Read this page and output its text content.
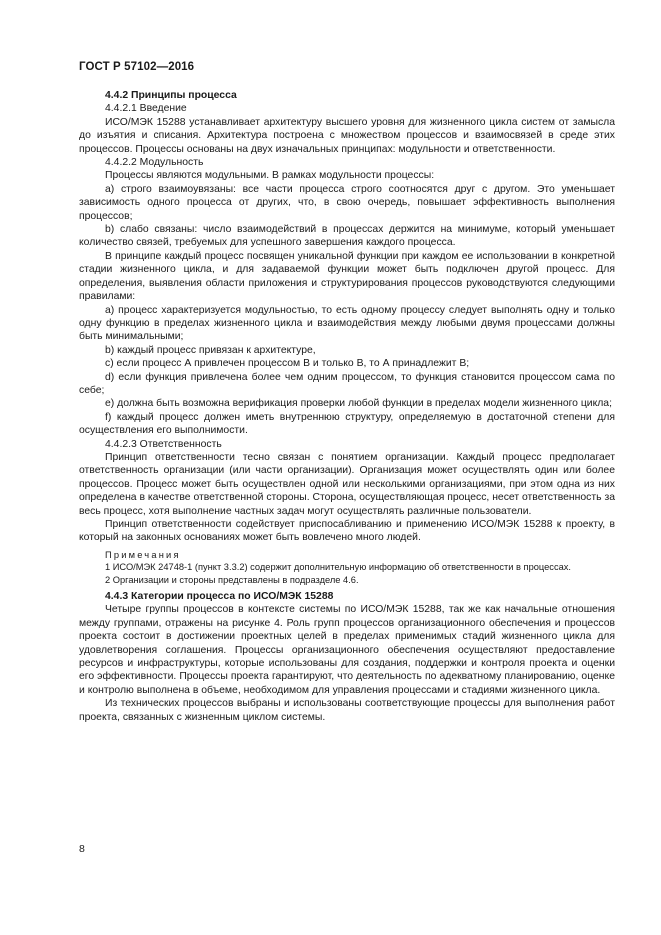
ГОСТ Р 57102—2016

4.4.2 Принципы процесса

4.4.2.1 Введение

ИСО/МЭК 15288 устанавливает архитектуру высшего уровня для жизненного цикла систем от замысла до изъятия и списания. Архитектура построена с множеством процессов и взаимосвязей в среде этих процессов. Процессы основаны на двух изначальных принципах: модульности и ответственности.

4.4.2.2 Модульность

Процессы являются модульными. В рамках модульности процессы:

а) строго взаимоувязаны: все части процесса строго соотносятся друг с другом. Это уменьшает зависимость одного процесса от других, что, в свою очередь, повышает эффективность выполнения процессов;

b) слабо связаны: число взаимодействий в процессах держится на минимуме, который уменьшает количество связей, требуемых для успешного завершения каждого процесса.

В принципе каждый процесс посвящен уникальной функции при каждом ее использовании в конкретной стадии жизненного цикла, и для задаваемой функции может быть подключен другой процесс. Для определения, выявления области приложения и структурирования процессов руководствуются следующими правилами:

а) процесс характеризуется модульностью, то есть одному процессу следует выполнять одну и только одну функцию в пределах жизненного цикла и взаимодействия между любыми двумя процессами должны быть минимальными;

b) каждый процесс привязан к архитектуре,

c) если процесс А привлечен процессом В и только В, то А принадлежит В;

d) если функция привлечена более чем одним процессом, то функция становится процессом сама по себе;

e) должна быть возможна верификация проверки любой функции в пределах модели жизненного цикла;

f) каждый процесс должен иметь внутреннюю структуру, определяемую в достаточной степени для осуществления его выполнимости.

4.4.2.3 Ответственность

Принцип ответственности тесно связан с понятием организации. Каждый процесс предполагает ответственность организации (или части организации). Организация может осуществлять один или более процессов. Процесс может быть осуществлен одной или несколькими организациями, при этом одна из них определена в качестве ответственной стороны. Сторона, осуществляющая процесс, несет ответственность за весь процесс, хотя выполнение частных задач могут осуществлять различные пользователи.

Принцип ответственности содействует приспосабливанию и применению ИСО/МЭК 15288 к проекту, в который на законных основаниях может быть вовлечено много людей.

Примечания

1 ИСО/МЭК 24748-1 (пункт 3.3.2) содержит дополнительную информацию об ответственности в процессах.

2 Организации и стороны представлены в подразделе 4.6.

4.4.3 Категории процесса по ИСО/МЭК 15288

Четыре группы процессов в контексте системы по ИСО/МЭК 15288, так же как начальные отношения между группами, отражены на рисунке 4. Роль групп процессов организационного обеспечения и процессов проекта состоит в достижении проектных целей в пределах применимых стадий жизненного цикла для удовлетворения соглашения. Процессы организационного обеспечения осуществляют предоставление ресурсов и инфраструктуры, которые использованы для создания, поддержки и контроля проекта и оценки его эффективности. Процессы проекта гарантируют, что деятельность по адекватному планированию, оценке и контролю выполнена в объеме, необходимом для управления процессами и стадиями жизненного цикла.

Из технических процессов выбраны и использованы соответствующие процессы для выполнения работ проекта, связанных с жизненным циклом системы.

8
